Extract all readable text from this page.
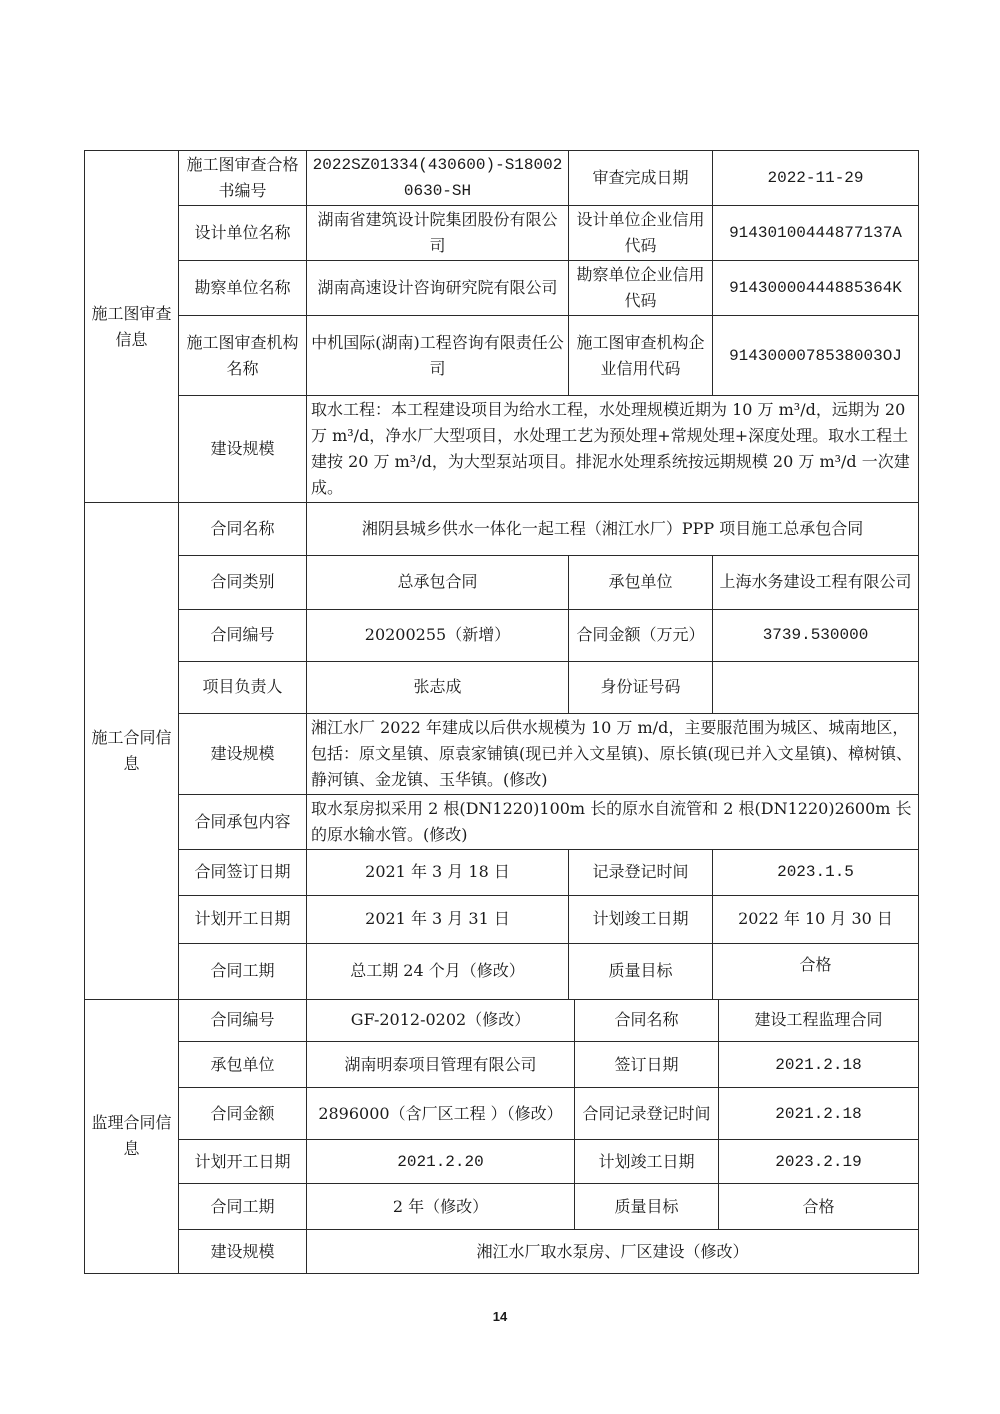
施工图审查信息	施工图审查合格书编号	2022SZ01334(430600)-S180020630-SH	审查完成日期	2022-11-29
	设计单位名称	湖南省建筑设计院集团股份有限公司	设计单位企业信用代码	91430100444877137A
	勘察单位名称	湖南高速设计咨询研究院有限公司	勘察单位企业信用代码	91430000444885364K
	施工图审查机构名称	中机国际(湖南)工程咨询有限责任公司	施工图审查机构企业信用代码	9143000078538003OJ
	建设规模	取水工程：本工程建设项目为给水工程，水处理规模近期为 10 万 m³/d，远期为 20 万 m³/d，净水厂大型项目，水处理工艺为预处理+常规处理+深度处理。取水工程土建按 20 万 m³/d，为大型泵站项目。排泥水处理系统按远期规模 20 万 m³/d 一次建成。		
施工合同信息	合同名称	湘阴县城乡供水一体化一起工程（湘江水厂）PPP 项目施工总承包合同		
	合同类别	总承包合同	承包单位	上海水务建设工程有限公司
	合同编号	20200255（新增）	合同金额（万元）	3739.530000
	项目负责人	张志成	身份证号码	
	建设规模	湘江水厂 2022 年建成以后供水规模为 10 万 m/d，主要服范围为城区、城南地区，包括：原文星镇、原袁家铺镇(现已并入文星镇)、原长镇(现已并入文星镇)、樟树镇、静河镇、金龙镇、玉华镇。(修改)		
	合同承包内容	取水泵房拟采用 2 根(DN1220)100m 长的原水自流管和 2 根(DN1220)2600m 长的原水输水管。(修改)		
	合同签订日期	2021 年 3 月 18 日	记录登记时间	2023.1.5
	计划开工日期	2021 年 3 月 31 日	计划竣工日期	2022 年 10 月 30 日
	合同工期	总工期 24 个月（修改）	质量目标	合格
监理合同信息	合同编号	GF-2012-0202（修改）	合同名称	建设工程监理合同
	承包单位	湖南明泰项目管理有限公司	签订日期	2021.2.18
	合同金额	2896000（含厂区工程 ）（修改）	合同记录登记时间	2021.2.18
	计划开工日期	2021.2.20	计划竣工日期	2023.2.19
	合同工期	2 年（修改）	质量目标	合格
	建设规模	湘江水厂取水泵房、厂区建设（修改）		
14
